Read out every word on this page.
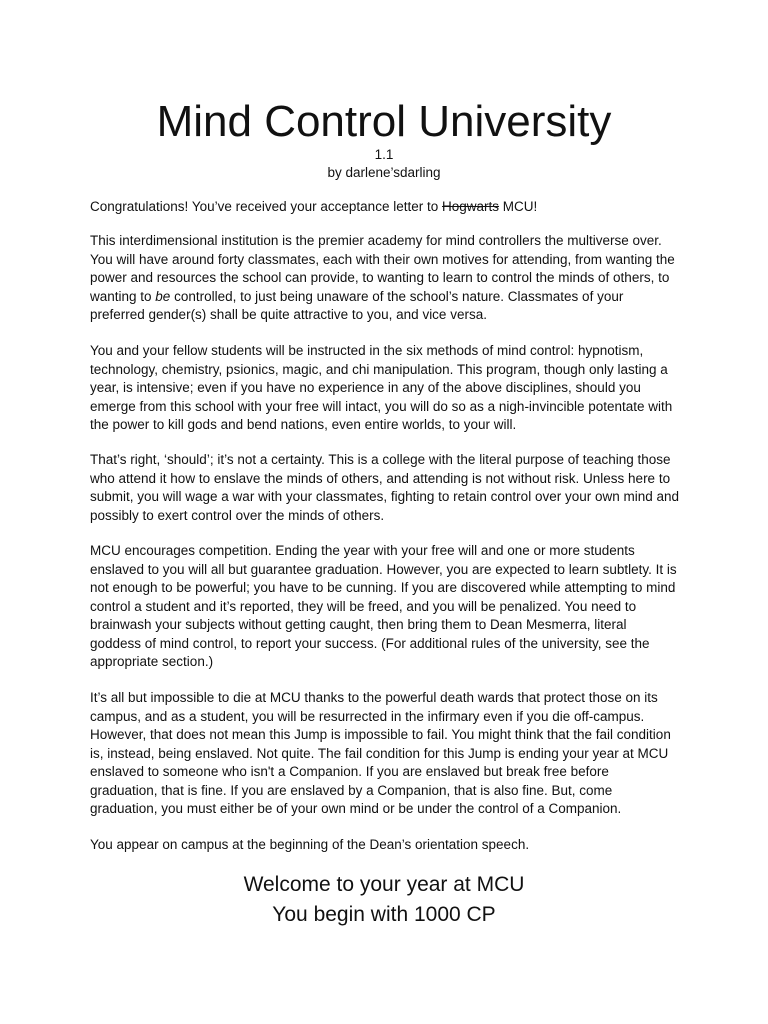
Mind Control University
1.1
by darlene’sdarling

Congratulations! You’ve received your acceptance letter to Hogwarts MCU!

This interdimensional institution is the premier academy for mind controllers the multiverse over. You will have around forty classmates, each with their own motives for attending, from wanting the power and resources the school can provide, to wanting to learn to control the minds of others, to wanting to be controlled, to just being unaware of the school’s nature. Classmates of your preferred gender(s) shall be quite attractive to you, and vice versa.

You and your fellow students will be instructed in the six methods of mind control: hypnotism, technology, chemistry, psionics, magic, and chi manipulation. This program, though only lasting a year, is intensive; even if you have no experience in any of the above disciplines, should you emerge from this school with your free will intact, you will do so as a nigh-invincible potentate with the power to kill gods and bend nations, even entire worlds, to your will.

That’s right, ‘should’; it’s not a certainty. This is a college with the literal purpose of teaching those who attend it how to enslave the minds of others, and attending is not without risk. Unless here to submit, you will wage a war with your classmates, fighting to retain control over your own mind and possibly to exert control over the minds of others.

MCU encourages competition. Ending the year with your free will and one or more students enslaved to you will all but guarantee graduation. However, you are expected to learn subtlety. It is not enough to be powerful; you have to be cunning. If you are discovered while attempting to mind control a student and it’s reported, they will be freed, and you will be penalized. You need to brainwash your subjects without getting caught, then bring them to Dean Mesmerra, literal goddess of mind control, to report your success. (For additional rules of the university, see the appropriate section.)

It’s all but impossible to die at MCU thanks to the powerful death wards that protect those on its campus, and as a student, you will be resurrected in the infirmary even if you die off-campus. However, that does not mean this Jump is impossible to fail. You might think that the fail condition is, instead, being enslaved. Not quite. The fail condition for this Jump is ending your year at MCU enslaved to someone who isn't a Companion. If you are enslaved but break free before graduation, that is fine. If you are enslaved by a Companion, that is also fine. But, come graduation, you must either be of your own mind or be under the control of a Companion.

You appear on campus at the beginning of the Dean’s orientation speech.

Welcome to your year at MCU
You begin with 1000 CP
